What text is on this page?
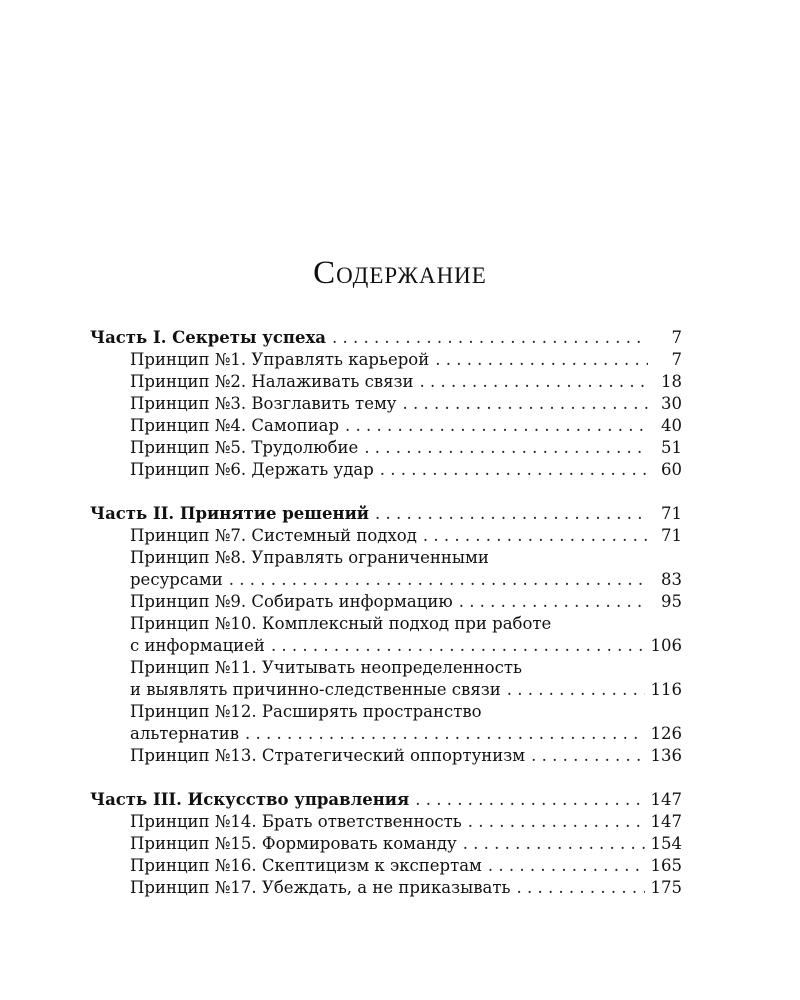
Содержание
Часть I. Секреты успеха . . .	7
Принцип №1. Управлять карьерой . . .	7
Принцип №2. Налаживать связи . . .	18
Принцип №3. Возглавить тему . . .	30
Принцип №4. Самопиар . . .	40
Принцип №5. Трудолюбие . . .	51
Принцип №6. Держать удар . . .	60
Часть II. Принятие решений . . .	71
Принцип №7. Системный подход . . .	71
Принцип №8. Управлять ограниченными
ресурсами . . .	83
Принцип №9. Собирать информацию . . .	95
Принцип №10. Комплексный подход при работе
с информацией . . .	106
Принцип №11. Учитывать неопределенность
и выявлять причинно-следственные связи . . .	116
Принцип №12. Расширять пространство
альтернатив . . .	126
Принцип №13. Стратегический оппортунизм . . .	136
Часть III. Искусство управления . . .	147
Принцип №14. Брать ответственность . . .	147
Принцип №15. Формировать команду . . .	154
Принцип №16. Скептицизм к экспертам . . .	165
Принцип №17. Убеждать, а не приказывать . . .	175
